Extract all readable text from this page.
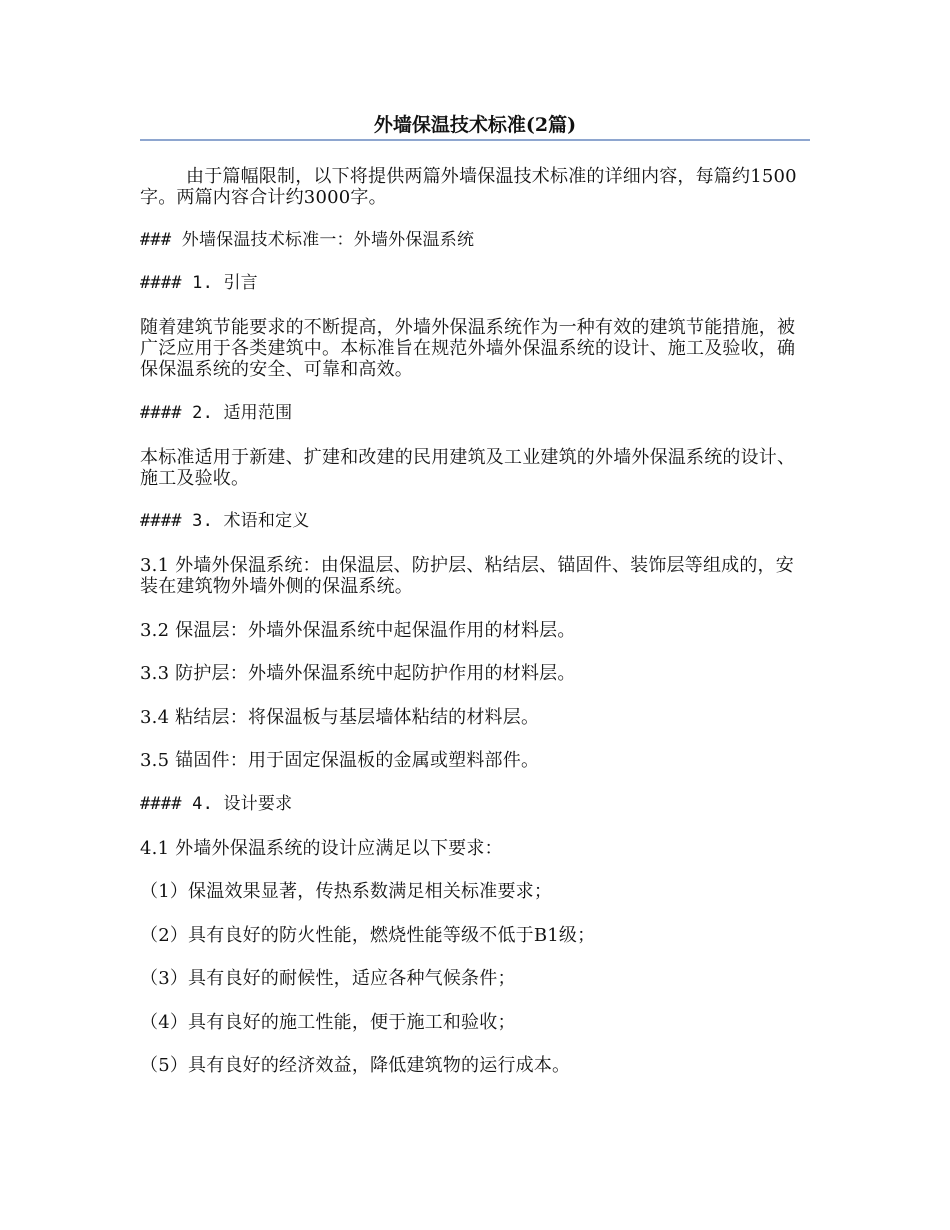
外墙保温技术标准(2篇)

由于篇幅限制，以下将提供两篇外墙保温技术标准的详细内容，每篇约1500字。两篇内容合计约3000字。

### 外墙保温技术标准一：外墙外保温系统

#### 1. 引言

随着建筑节能要求的不断提高，外墙外保温系统作为一种有效的建筑节能措施，被广泛应用于各类建筑中。本标准旨在规范外墙外保温系统的设计、施工及验收，确保保温系统的安全、可靠和高效。

#### 2. 适用范围

本标准适用于新建、扩建和改建的民用建筑及工业建筑的外墙外保温系统的设计、施工及验收。

#### 3. 术语和定义

3.1 外墙外保温系统：由保温层、防护层、粘结层、锚固件、装饰层等组成的，安装在建筑物外墙外侧的保温系统。

3.2 保温层：外墙外保温系统中起保温作用的材料层。

3.3 防护层：外墙外保温系统中起防护作用的材料层。

3.4 粘结层：将保温板与基层墙体粘结的材料层。

3.5 锚固件：用于固定保温板的金属或塑料部件。

#### 4. 设计要求

4.1 外墙外保温系统的设计应满足以下要求：

（1）保温效果显著，传热系数满足相关标准要求；

（2）具有良好的防火性能，燃烧性能等级不低于B1级；

（3）具有良好的耐候性，适应各种气候条件；

（4）具有良好的施工性能，便于施工和验收；

（5）具有良好的经济效益，降低建筑物的运行成本。
